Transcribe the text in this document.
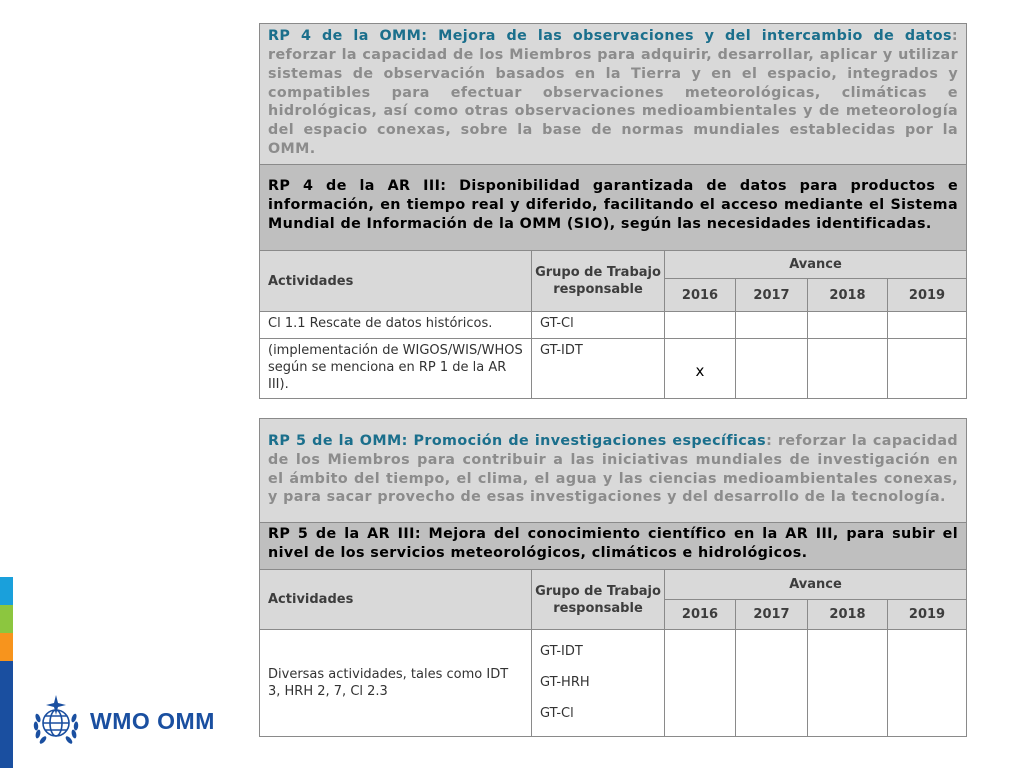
WMO OMM
RP 4 de la OMM: Mejora de las observaciones y del intercambio de datos: reforzar la capacidad de los Miembros para adquirir, desarrollar, aplicar y utilizar sistemas de observación basados en la Tierra y en el espacio, integrados y compatibles para efectuar observaciones meteorológicas, climáticas e hidrológicas, así como otras observaciones medioambientales y de meteorología del espacio conexas, sobre la base de normas mundiales establecidas por la OMM.					
RP 4 de la AR III: Disponibilidad garantizada de datos para productos e información, en tiempo real y diferido, facilitando el acceso mediante el Sistema Mundial de Información de la OMM (SIO), según las necesidades identificadas.					
Actividades	Grupo de Trabajo responsable	Avance			
		2016	2017	2018	2019
Cl 1.1 Rescate de datos históricos.	GT-Cl				
(implementación de WIGOS/WIS/WHOS según se menciona en RP 1 de la AR III).	GT-IDT	x			
RP 5 de la OMM: Promoción de investigaciones específicas: reforzar la capacidad de los Miembros para contribuir a las iniciativas mundiales de investigación en el ámbito del tiempo, el clima, el agua y las ciencias medioambientales conexas, y para sacar provecho de esas investigaciones y del desarrollo de la tecnología.					
RP 5 de la AR III: Mejora del conocimiento científico en la AR III, para subir el nivel de los servicios meteorológicos, climáticos e hidrológicos.					
Actividades	Grupo de Trabajo responsable	Avance			
		2016	2017	2018	2019
Diversas actividades, tales como IDT 3, HRH 2, 7, Cl 2.3	GT-IDT
GT-HRH
GT-Cl				
